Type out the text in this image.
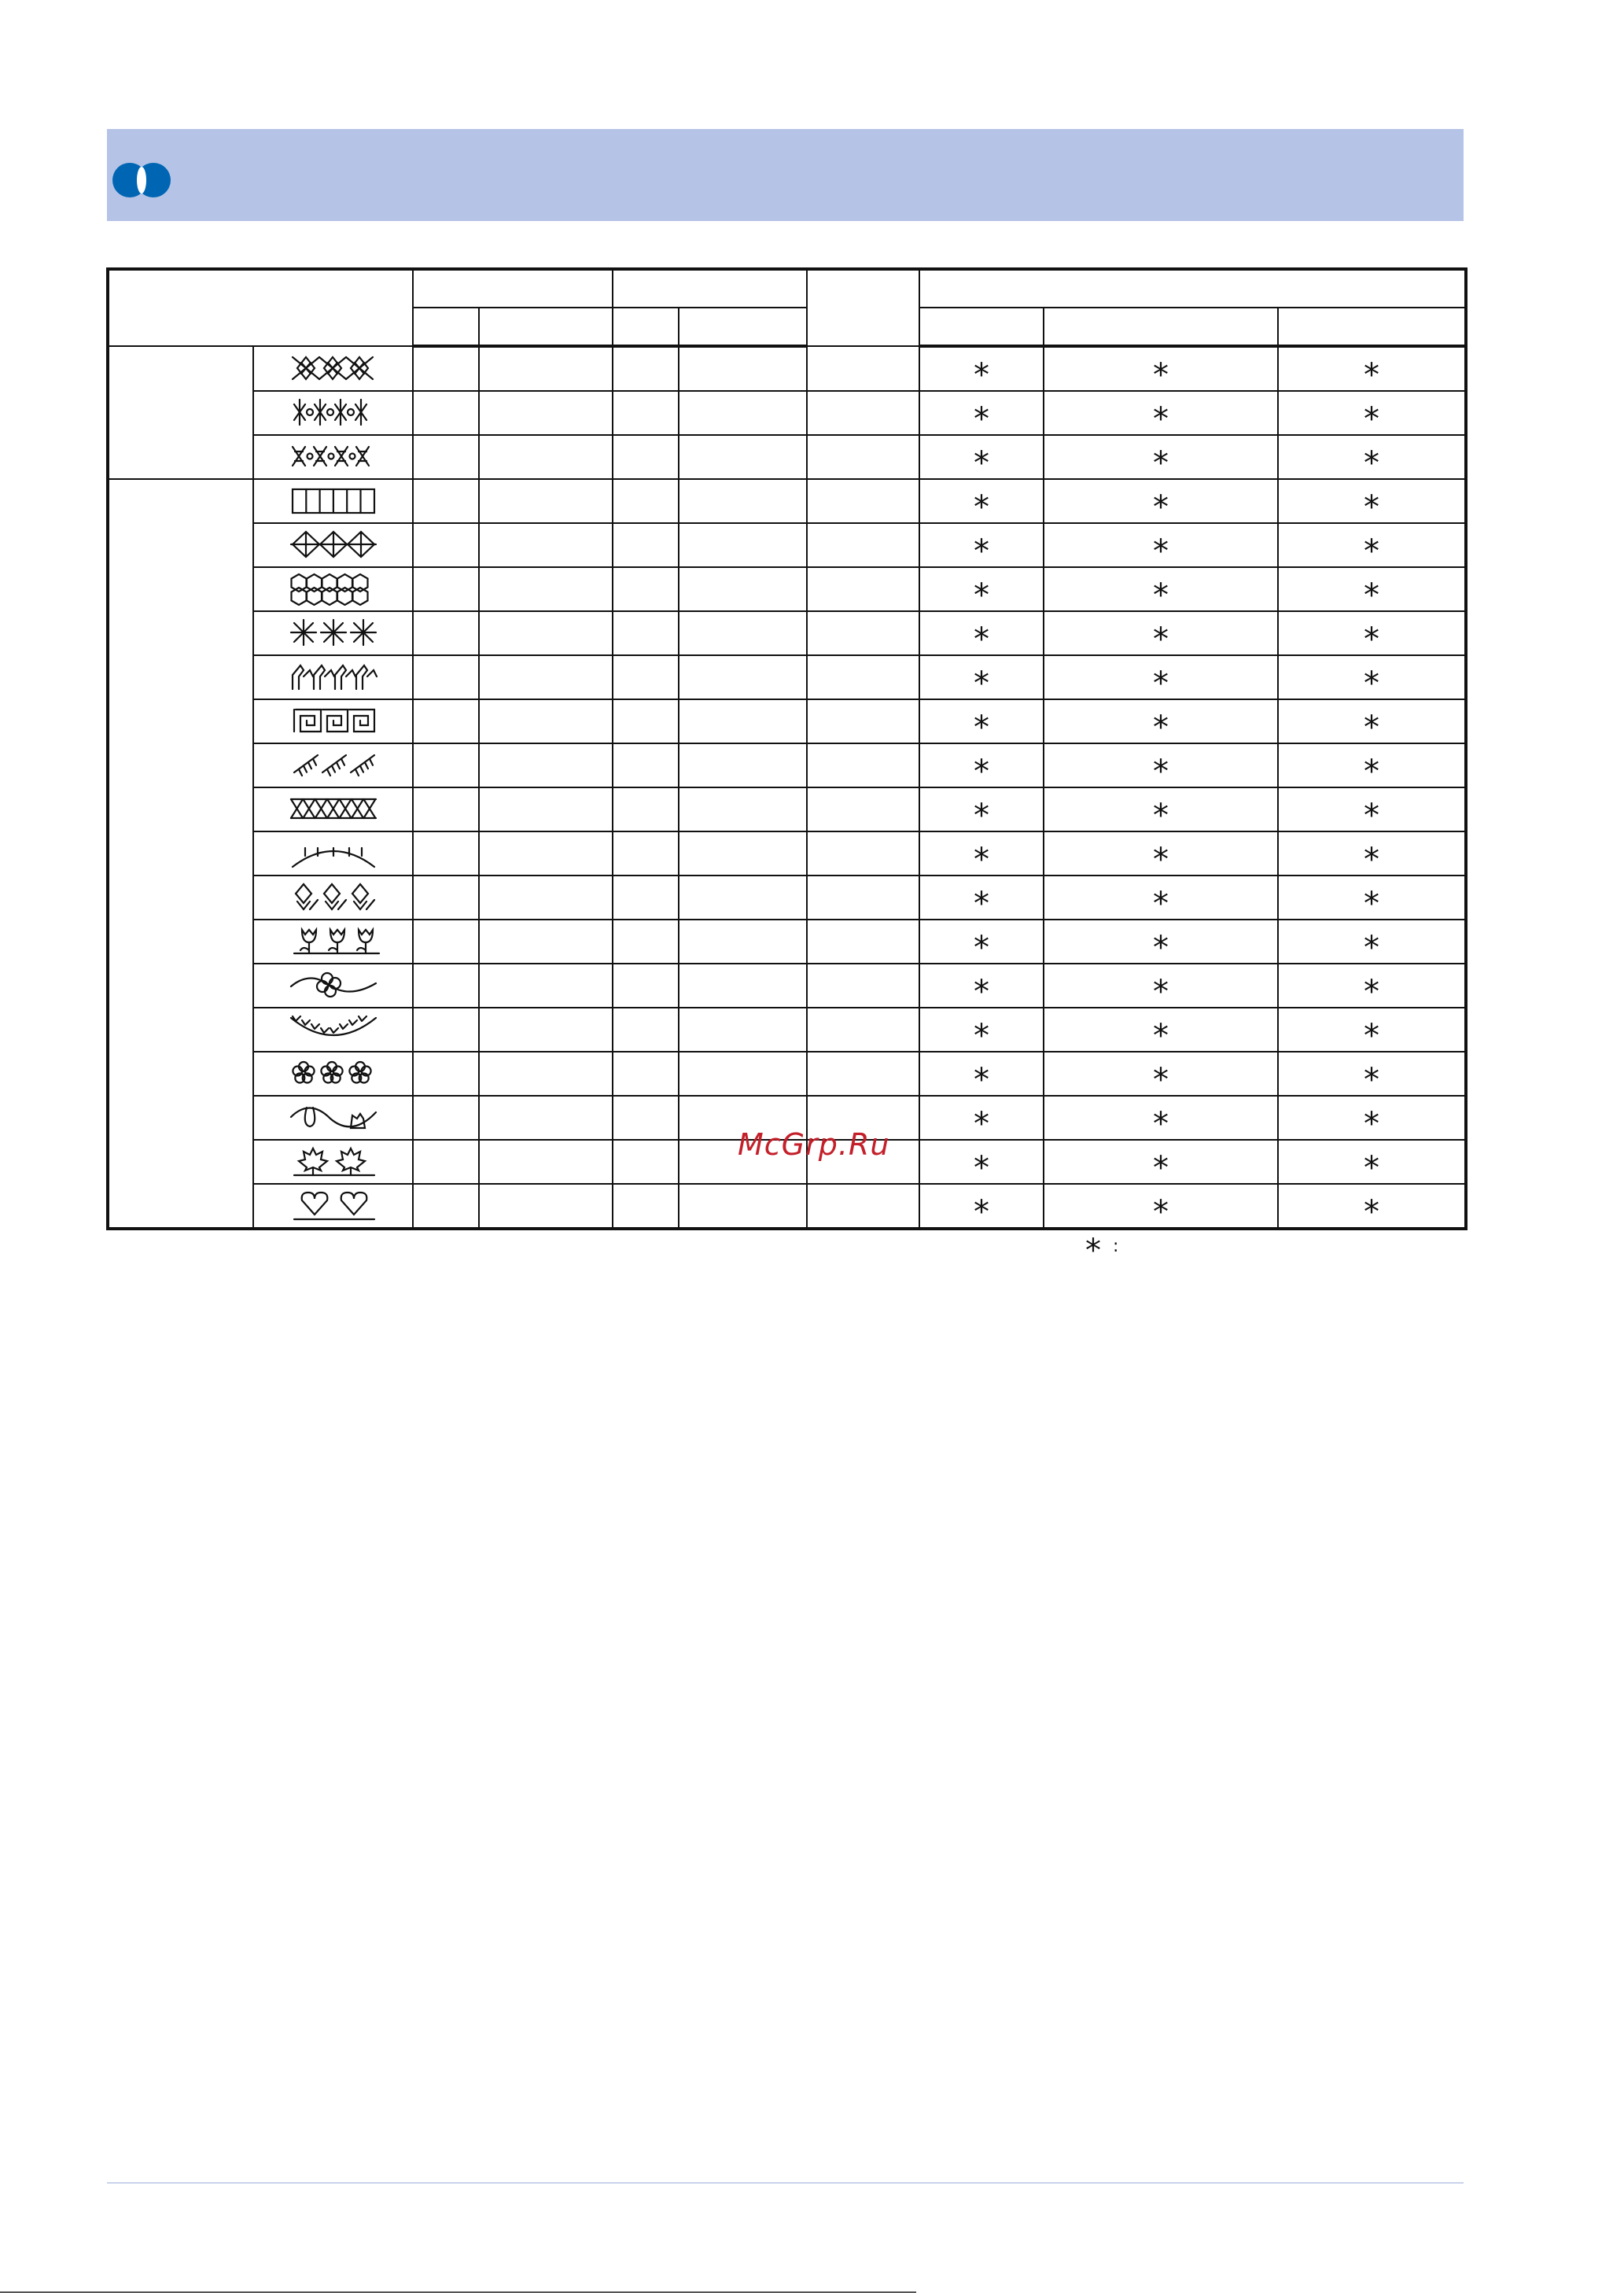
						*	*	*

						*	*	*

						*	*	*

						*	*	*

						*	*	*

						*	*	*

						*	*	*

						*	*	*

						*	*	*

						*	*	*

						*	*	*

						*	*	*

						*	*	*

						*	*	*

						*	*	*

						*	*	*

						*	*	*

						*	*	*

						*	*	*

						*	*	*
* :
McGrp.Ru
